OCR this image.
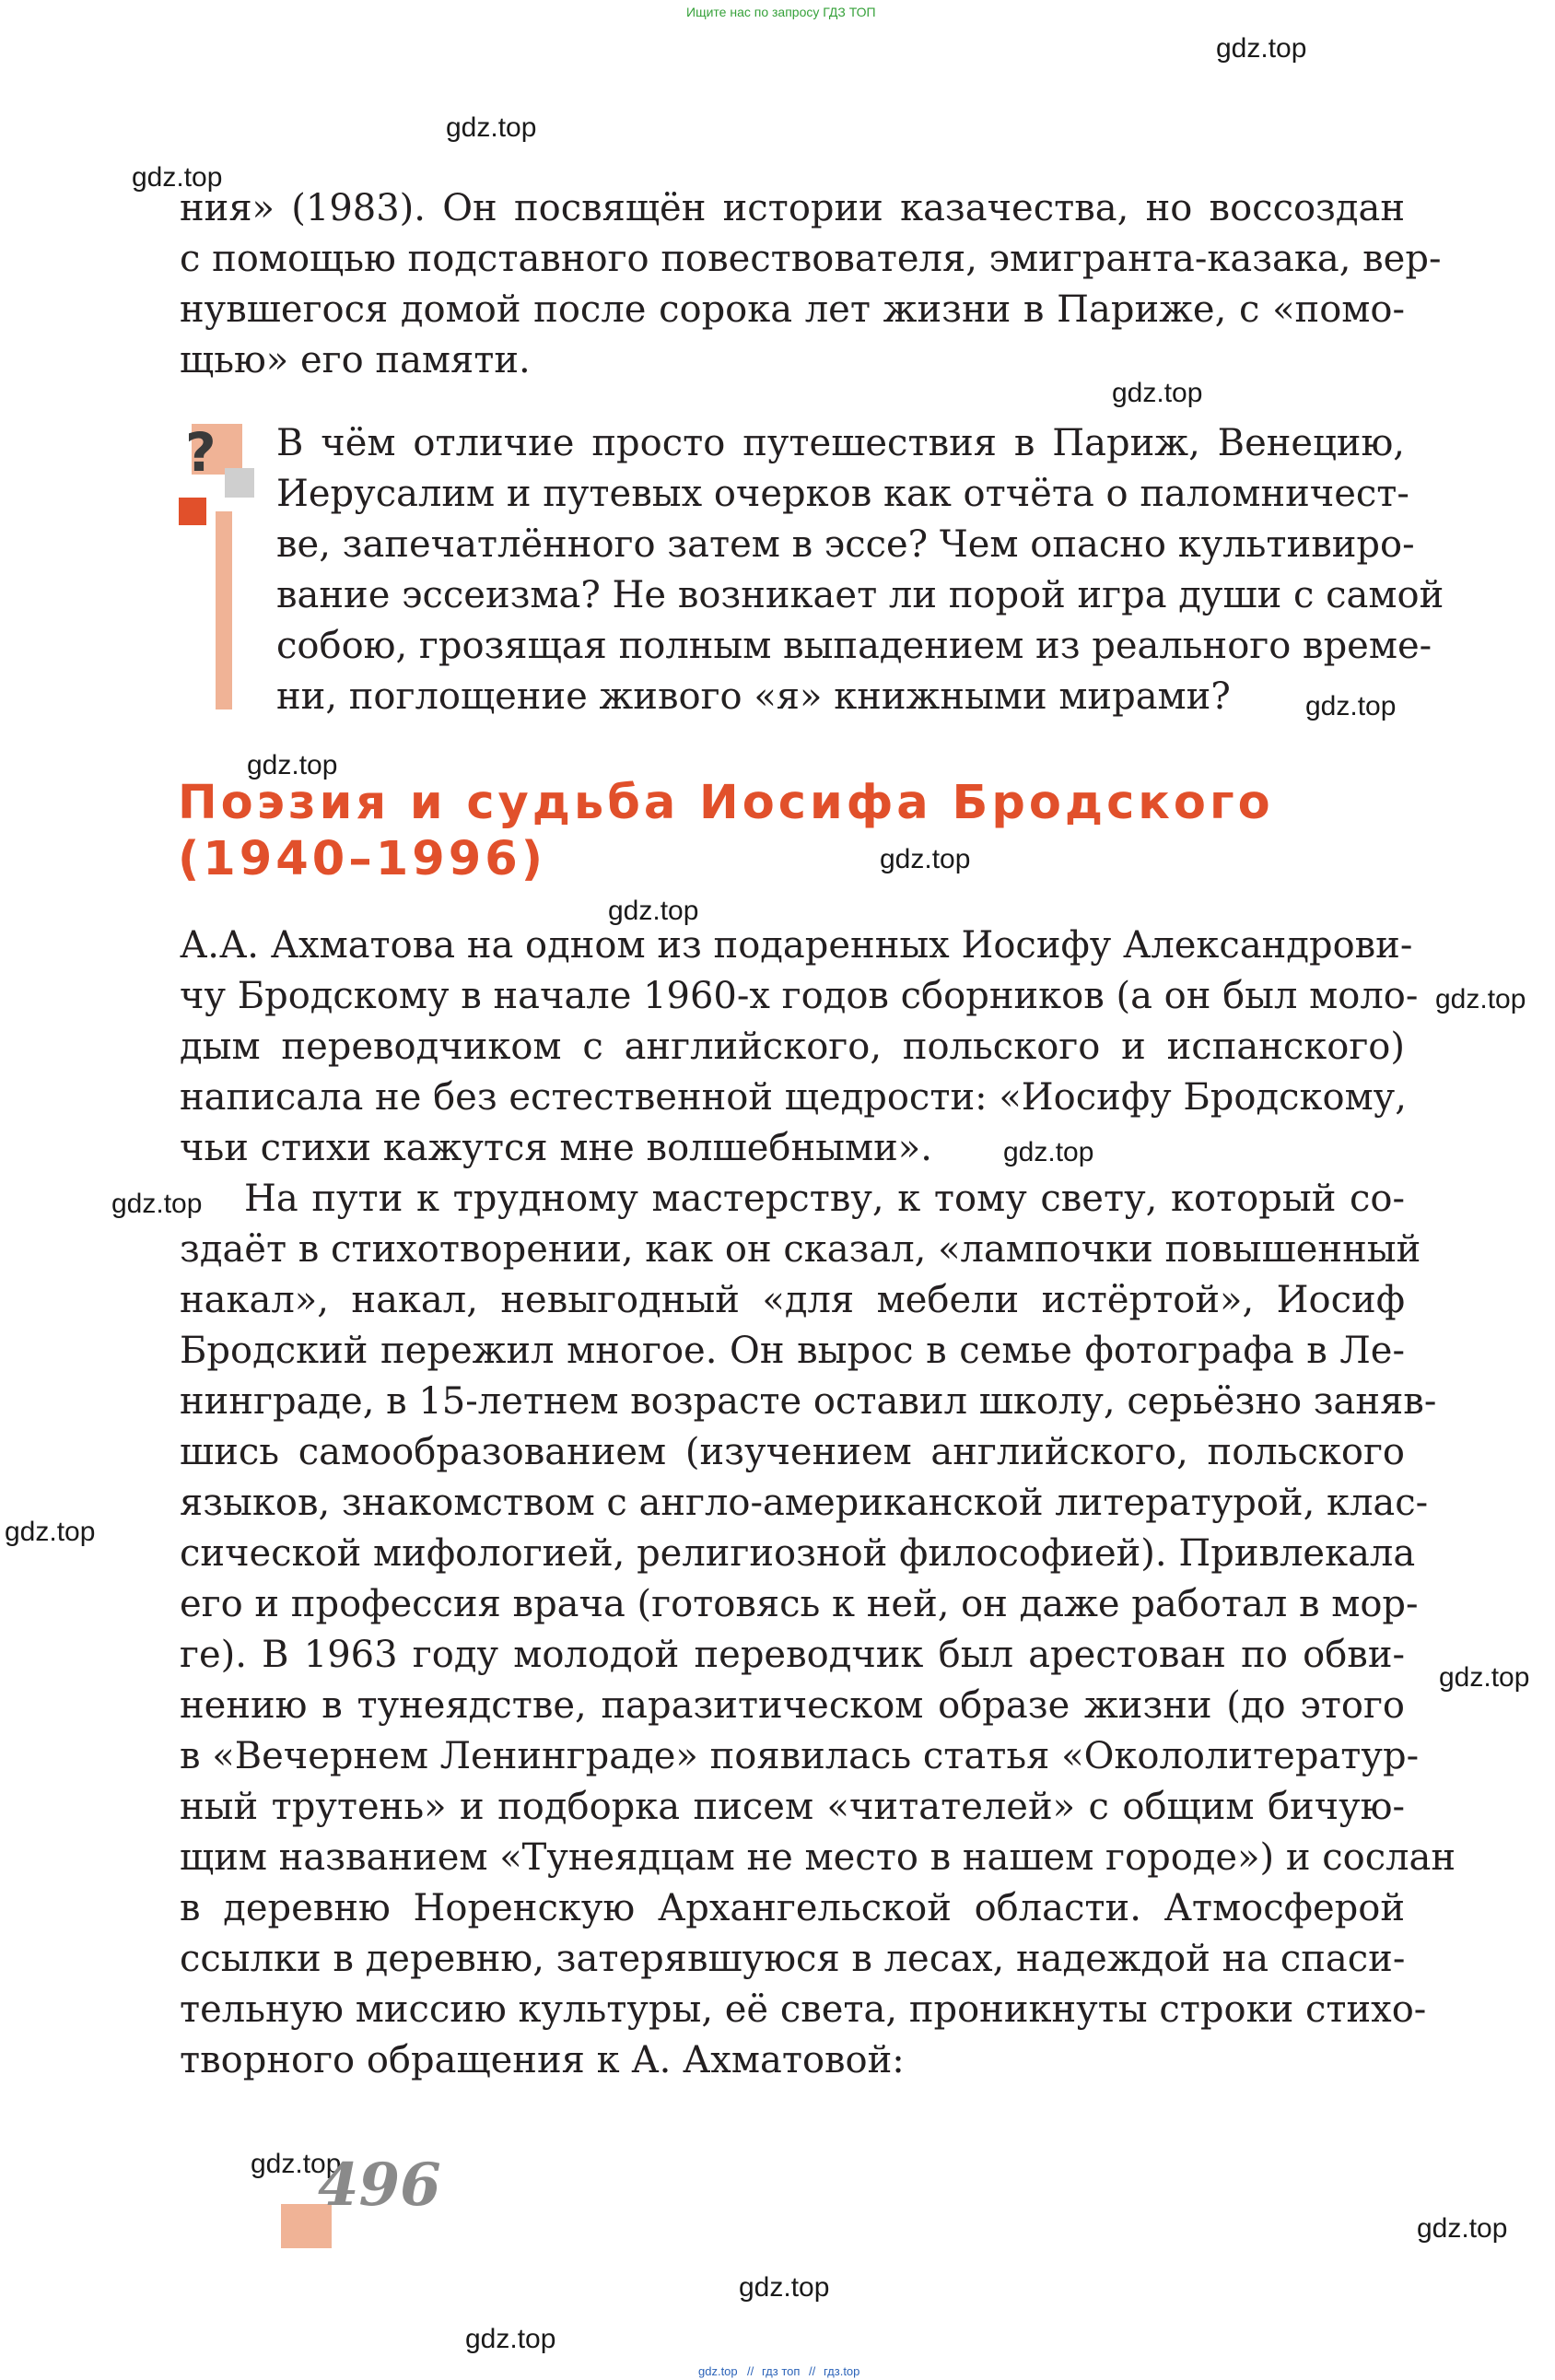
Ищите нас по запросу ГДЗ ТОП
gdz.top
gdz.top
gdz.top
gdz.top
gdz.top
gdz.top
gdz.top
gdz.top
gdz.top
gdz.top
gdz.top
gdz.top
gdz.top
gdz.top
gdz.top
gdz.top
gdz.top
ния» (1983). Он посвящён истории казачества, но воссоздан
с помощью подставного повествователя, эмигранта-казака, вер-
нувшегося домой после сорока лет жизни в Париже, с «помо-
щью» его памяти.
? В чём отличие просто путешествия в Париж, Венецию,
Иерусалим и путевых очерков как отчёта о паломничест-
ве, запечатлённого затем в эссе? Чем опасно культивиро-
вание эссеизма? Не возникает ли порой игра души с самой
собою, грозящая полным выпадением из реального време-
ни, поглощение живого «я» книжными мирами?
Поэзия и судьба Иосифа Бродского
(1940–1996)
А.А. Ахматова на одном из подаренных Иосифу Александрови-
чу Бродскому в начале 1960-х годов сборников (а он был моло-
дым переводчиком с английского, польского и испанского)
написала не без естественной щедрости: «Иосифу Бродскому,
чьи стихи кажутся мне волшебными».
На пути к трудному мастерству, к тому свету, который со-
здаёт в стихотворении, как он сказал, «лампочки повышенный
накал», накал, невыгодный «для мебели истёртой», Иосиф
Бродский пережил многое. Он вырос в семье фотографа в Ле-
нинграде, в 15-летнем возрасте оставил школу, серьёзно заняв-
шись самообразованием (изучением английского, польского
языков, знакомством с англо-американской литературой, клас-
сической мифологией, религиозной философией). Привлекала
его и профессия врача (готовясь к ней, он даже работал в мор-
ге). В 1963 году молодой переводчик был арестован по обви-
нению в тунеядстве, паразитическом образе жизни (до этого
в «Вечернем Ленинграде» появилась статья «Окололитератур-
ный трутень» и подборка писем «читателей» с общим бичую-
щим названием «Тунеядцам не место в нашем городе») и сослан
в деревню Норенскую Архангельской области. Атмосферой
ссылки в деревню, затерявшуюся в лесах, надеждой на спаси-
тельную миссию культуры, её света, проникнуты строки стихо-
творного обращения к А. Ахматовой:
496
gdz.top // гдз топ // гдз.top
